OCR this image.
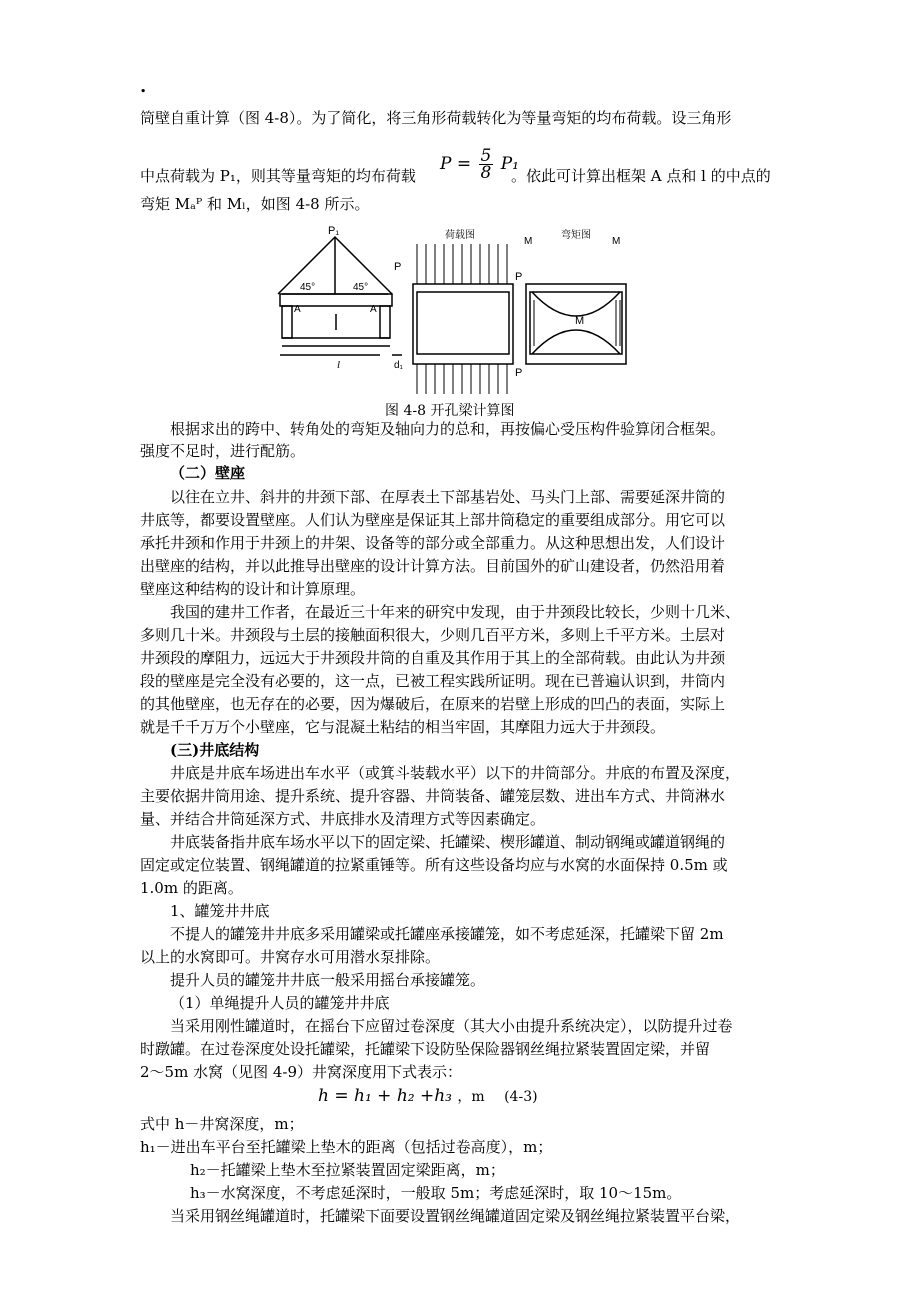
.
筒壁自重计算（图 4-8）。为了简化，将三角形荷载转化为等量弯矩的均布荷载。设三角形
中点荷载为 P₁，则其等量弯矩的均布荷载
$P = \frac{5}{8} P_1$
。依此可计算出框架 A 点和 l 的中点的
弯矩 Mₐᴾ 和 Mₗ，如图 4-8 所示。
P₁
P
45°	45°
A	A
l	d₁
荷载图	弯矩图
P
P
M	M
M
图 4-8 开孔梁计算图
根据求出的跨中、转角处的弯矩及轴向力的总和，再按偏心受压构件验算闭合框架。
强度不足时，进行配筋。
（二）壁座
以往在立井、斜井的井颈下部、在厚表土下部基岩处、马头门上部、需要延深井筒的
井底等，都要设置壁座。人们认为壁座是保证其上部井筒稳定的重要组成部分。用它可以
承托井颈和作用于井颈上的井架、设备等的部分或全部重力。从这种思想出发，人们设计
出壁座的结构，并以此推导出壁座的设计计算方法。目前国外的矿山建设者，仍然沿用着
壁座这种结构的设计和计算原理。
我国的建井工作者，在最近三十年来的研究中发现，由于井颈段比较长，少则十几米、
多则几十米。井颈段与土层的接触面积很大，少则几百平方米，多则上千平方米。土层对
井颈段的摩阻力，远远大于井颈段井筒的自重及其作用于其上的全部荷载。由此认为井颈
段的壁座是完全没有必要的，这一点，已被工程实践所证明。现在已普遍认识到，井筒内
的其他壁座，也无存在的必要，因为爆破后，在原来的岩壁上形成的凹凸的表面，实际上
就是千千万万个小壁座，它与混凝土粘结的相当牢固，其摩阻力远大于井颈段。
(三)井底结构
井底是井底车场进出车水平（或箕斗装载水平）以下的井筒部分。井底的布置及深度，
主要依据井筒用途、提升系统、提升容器、井筒装备、罐笼层数、进出车方式、井筒淋水
量、并结合井筒延深方式、井底排水及清理方式等因素确定。
井底装备指井底车场水平以下的固定梁、托罐梁、楔形罐道、制动钢绳或罐道钢绳的
固定或定位装置、钢绳罐道的拉紧重锤等。所有这些设备均应与水窝的水面保持 0.5m 或
1.0m 的距离。
1、罐笼井井底
不提人的罐笼井井底多采用罐梁或托罐座承接罐笼，如不考虑延深，托罐梁下留 2m
以上的水窝即可。井窝存水可用潜水泵排除。
提升人员的罐笼井井底一般采用摇台承接罐笼。
（1）单绳提升人员的罐笼井井底
当采用刚性罐道时，在摇台下应留过卷深度（其大小由提升系统决定），以防提升过卷
时蹾罐。在过卷深度处设托罐梁，托罐梁下设防坠保险器钢丝绳拉紧装置固定梁，并留
2～5m 水窝（见图 4-9）井窝深度用下式表示：
h = h₁ + h₂ +h₃ ，m (4-3)
式中 h－井窝深度，m；
h₁－进出车平台至托罐梁上垫木的距离（包括过卷高度），m；
h₂－托罐梁上垫木至拉紧装置固定梁距离，m；
h₃－水窝深度，不考虑延深时，一般取 5m；考虑延深时，取 10～15m。
当采用钢丝绳罐道时，托罐梁下面要设置钢丝绳罐道固定梁及钢丝绳拉紧装置平台梁，
